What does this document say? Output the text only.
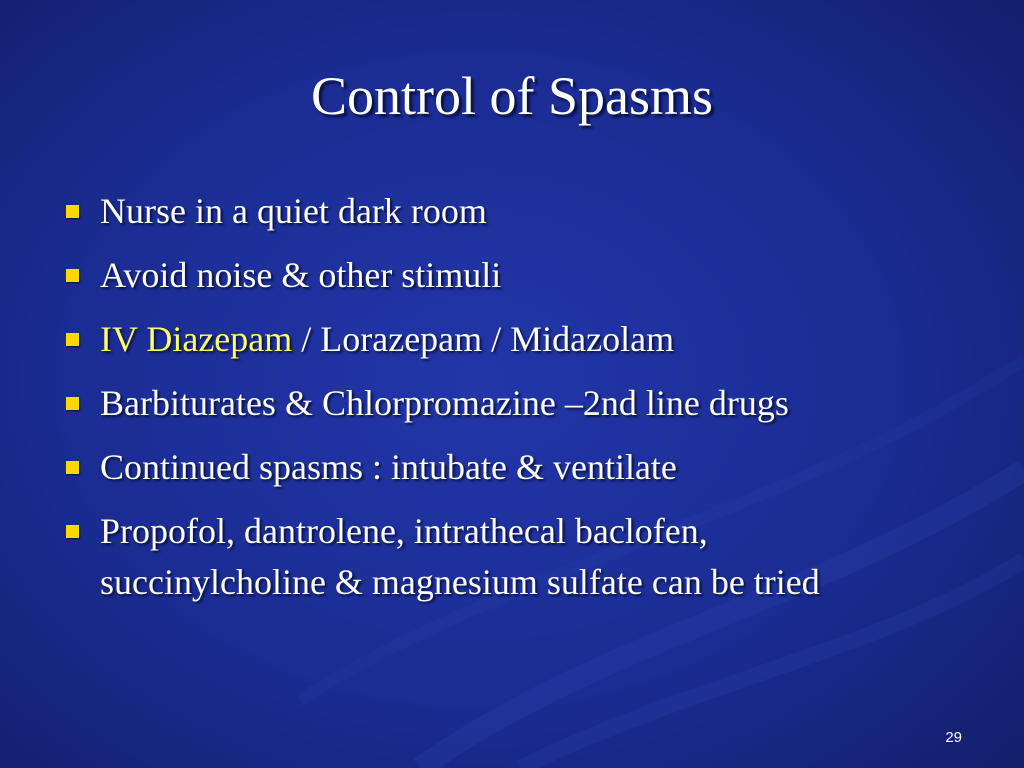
Control of Spasms
Nurse in a quiet dark room
Avoid noise & other stimuli
IV Diazepam / Lorazepam / Midazolam
Barbiturates & Chlorpromazine –2nd line drugs
Continued spasms : intubate & ventilate
Propofol, dantrolene, intrathecal baclofen, succinylcholine & magnesium sulfate can be tried
29
